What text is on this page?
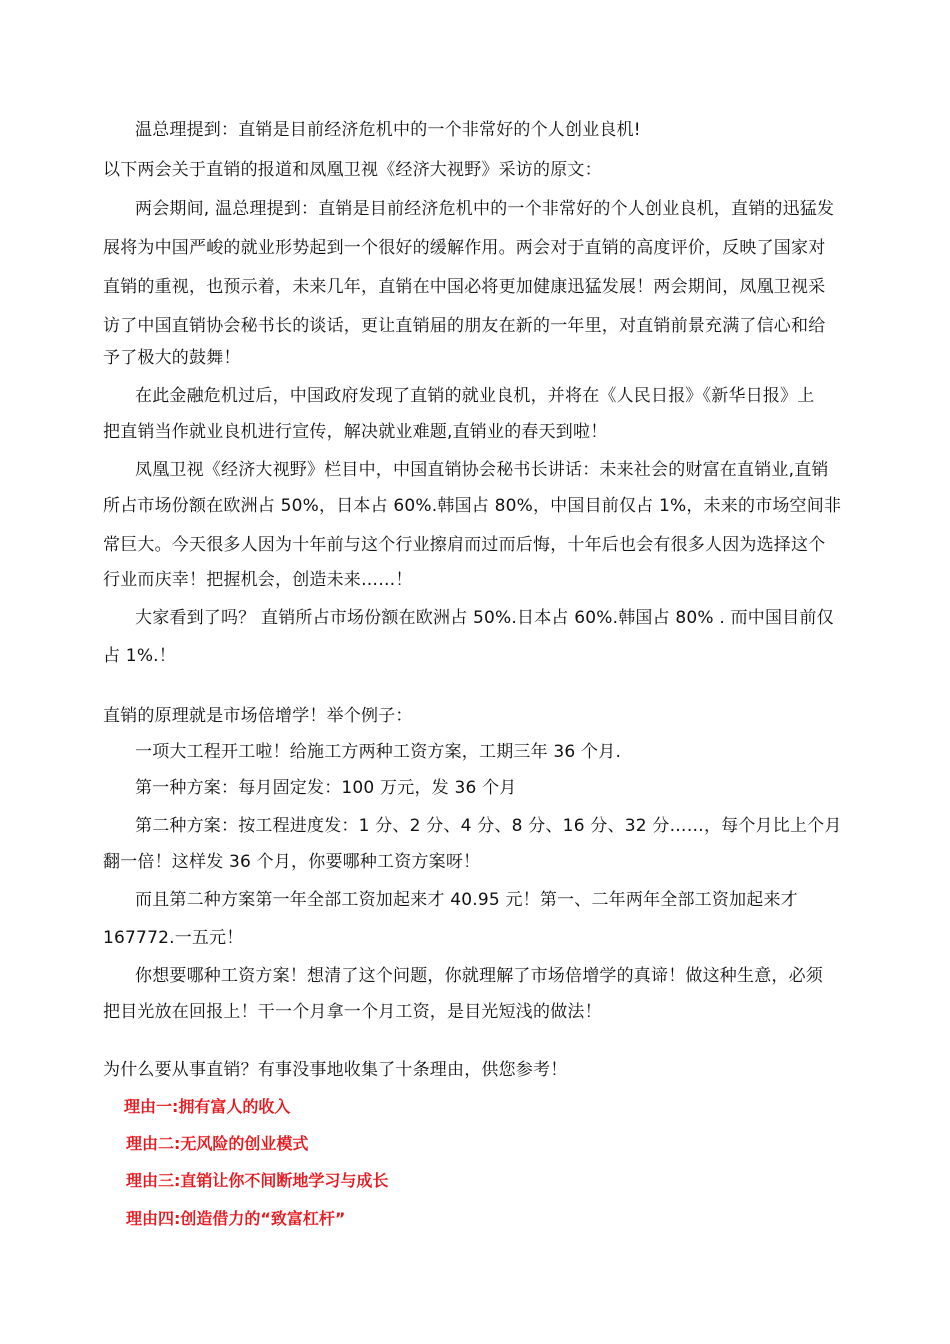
温总理提到：直销是目前经济危机中的一个非常好的个人创业良机!
以下两会关于直销的报道和凤凰卫视《经济大视野》采访的原文：
两会期间, 温总理提到：直销是目前经济危机中的一个非常好的个人创业良机，直销的迅猛发
展将为中国严峻的就业形势起到一个很好的缓解作用。两会对于直销的高度评价，反映了国家对
直销的重视，也预示着，未来几年，直销在中国必将更加健康迅猛发展！两会期间，凤凰卫视采
访了中国直销协会秘书长的谈话，更让直销届的朋友在新的一年里，对直销前景充满了信心和给
予了极大的鼓舞！
在此金融危机过后，中国政府发现了直销的就业良机，并将在《人民日报》《新华日报》上
把直销当作就业良机进行宣传，解决就业难题,直销业的春天到啦！
凤凰卫视《经济大视野》栏目中，中国直销协会秘书长讲话：未来社会的财富在直销业,直销
所占市场份额在欧洲占 50%，日本占 60%.韩国占 80%，中国目前仅占 1%，未来的市场空间非
常巨大。今天很多人因为十年前与这个行业擦肩而过而后悔，十年后也会有很多人因为选择这个
行业而庆幸！把握机会，创造未来……！
大家看到了吗？ 直销所占市场份额在欧洲占 50%.日本占 60%.韩国占 80% . 而中国目前仅
占 1%.！
直销的原理就是市场倍增学！举个例子：
一项大工程开工啦！给施工方两种工资方案，工期三年 36 个月.
第一种方案：每月固定发：100 万元，发 36 个月
第二种方案：按工程进度发：1 分、2 分、4 分、8 分、16 分、32 分……，每个月比上个月
翻一倍！这样发 36 个月，你要哪种工资方案呀！
而且第二种方案第一年全部工资加起来才 40.95 元！第一、二年两年全部工资加起来才
167772.一五元！
你想要哪种工资方案！想清了这个问题，你就理解了市场倍增学的真谛！做这种生意，必须
把目光放在回报上！干一个月拿一个月工资，是目光短浅的做法！
为什么要从事直销？有事没事地收集了十条理由，供您参考！
理由一:拥有富人的收入
理由二:无风险的创业模式
理由三:直销让你不间断地学习与成长
理由四:创造借力的“致富杠杆”
